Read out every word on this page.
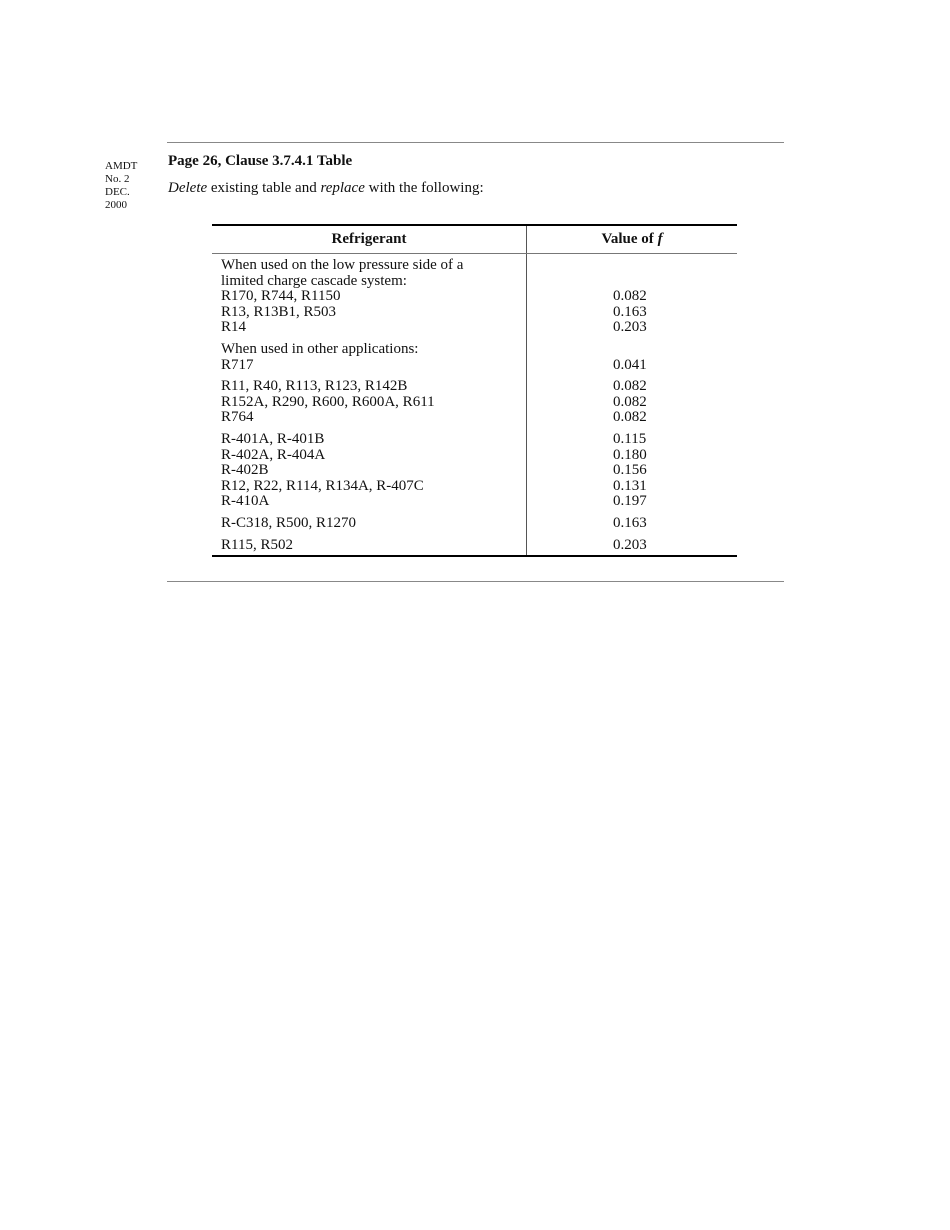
AMDT
No. 2
DEC.
2000
Page 26, Clause 3.7.4.1 Table
Delete existing table and replace with the following:
Refrigerant	Value of f
When used on the low pressure side of a
limited charge cascade system:
R170, R744, R1150
R13, R13B1, R503
R14
When used in other applications:
R717
R11, R40, R113, R123, R142B
R152A, R290, R600, R600A, R611
R764
R-401A, R-401B
R-402A, R-404A
R-402B
R12, R22, R114, R134A, R-407C
R-410A
R-C318, R500, R1270
R115, R502
0.082
0.163
0.203
0.041
0.082
0.082
0.082
0.115
0.180
0.156
0.131
0.197
0.163
0.203
